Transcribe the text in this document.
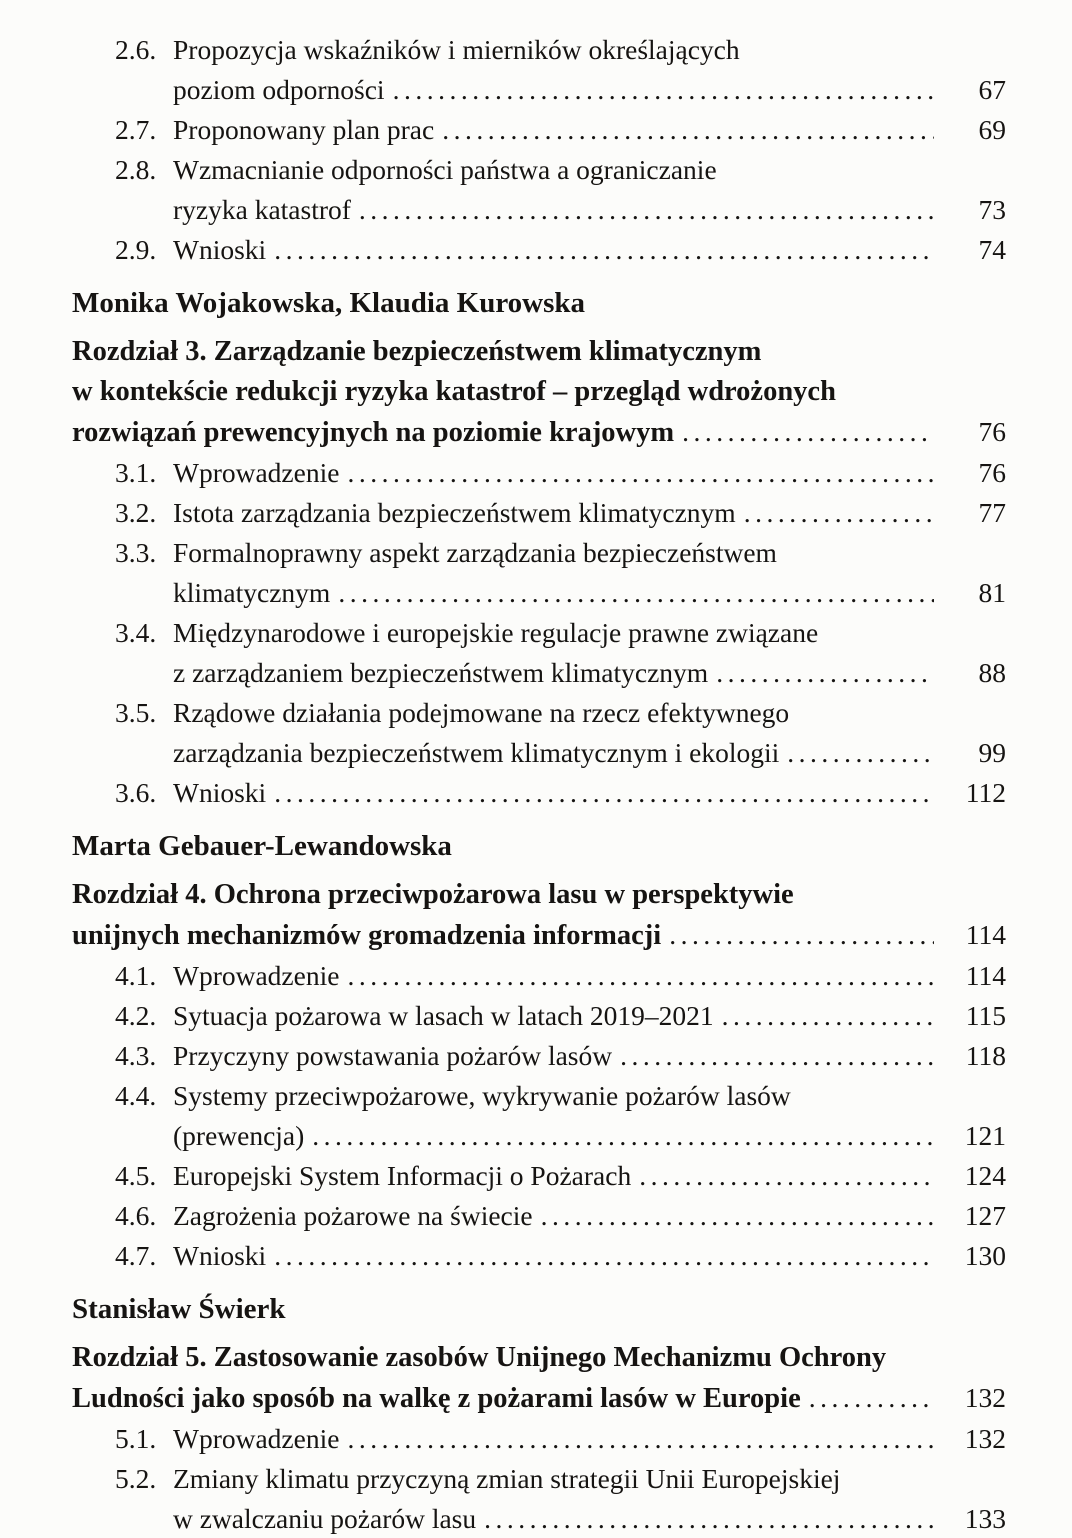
2.6. Propozycja wskaźników i mierników określających
poziom odporności .....	67
2.7. Proponowany plan prac .....	69
2.8. Wzmacnianie odporności państwa a ograniczanie
ryzyka katastrof .....	73
2.9. Wnioski .....	74
Monika Wojakowska, Klaudia Kurowska
Rozdział 3. Zarządzanie bezpieczeństwem klimatycznym
w kontekście redukcji ryzyka katastrof – przegląd wdrożonych
rozwiązań prewencyjnych na poziomie krajowym .....	76
3.1. Wprowadzenie .....	76
3.2. Istota zarządzania bezpieczeństwem klimatycznym .....	77
3.3. Formalnoprawny aspekt zarządzania bezpieczeństwem
klimatycznym .....	81
3.4. Międzynarodowe i europejskie regulacje prawne związane
z zarządzaniem bezpieczeństwem klimatycznym .....	88
3.5. Rządowe działania podejmowane na rzecz efektywnego
zarządzania bezpieczeństwem klimatycznym i ekologii .....	99
3.6. Wnioski .....	112
Marta Gebauer-Lewandowska
Rozdział 4. Ochrona przeciwpożarowa lasu w perspektywie
unijnych mechanizmów gromadzenia informacji .....	114
4.1. Wprowadzenie .....	114
4.2. Sytuacja pożarowa w lasach w latach 2019–2021 .....	115
4.3. Przyczyny powstawania pożarów lasów .....	118
4.4. Systemy przeciwpożarowe, wykrywanie pożarów lasów
(prewencja) .....	121
4.5. Europejski System Informacji o Pożarach .....	124
4.6. Zagrożenia pożarowe na świecie .....	127
4.7. Wnioski .....	130
Stanisław Świerk
Rozdział 5. Zastosowanie zasobów Unijnego Mechanizmu Ochrony
Ludności jako sposób na walkę z pożarami lasów w Europie .....	132
5.1. Wprowadzenie .....	132
5.2. Zmiany klimatu przyczyną zmian strategii Unii Europejskiej
w zwalczaniu pożarów lasu .....	133
